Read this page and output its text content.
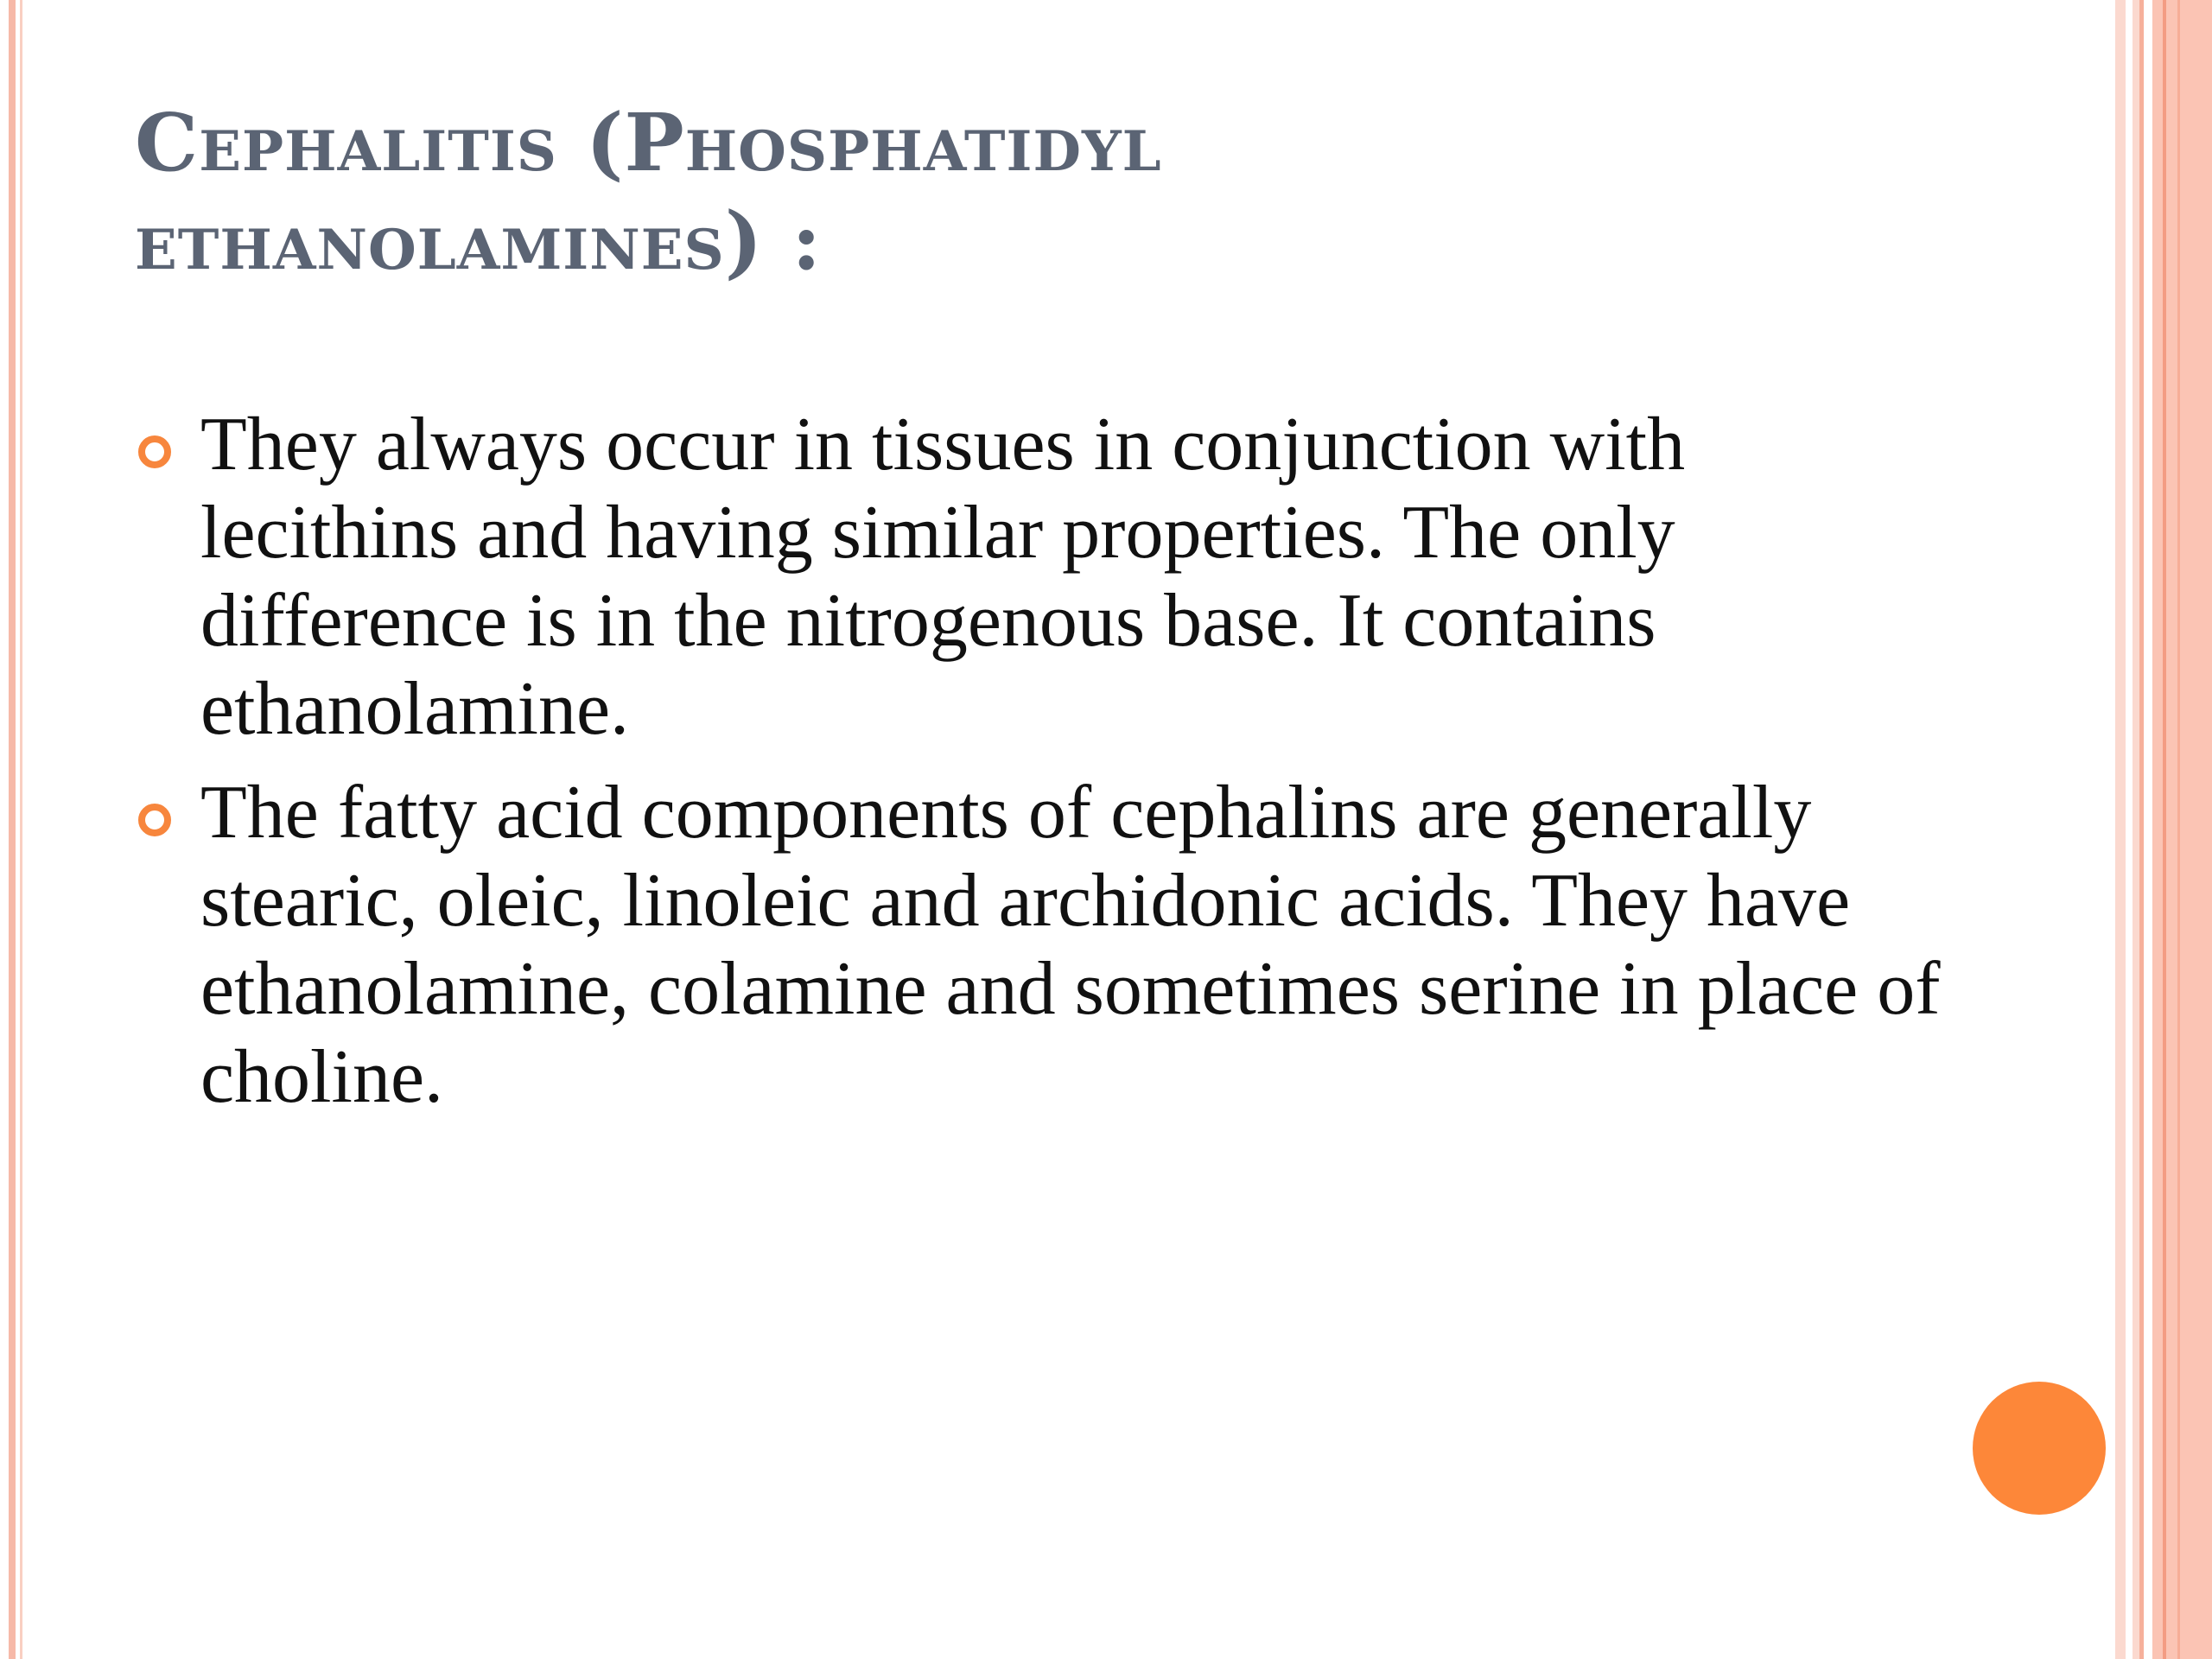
Cephalitis (Phosphatidyl
ethanolamines) :
They always occur in tissues in conjunction with lecithins and having similar properties. The only difference is in the nitrogenous base. It contains ethanolamine.
The fatty acid components of cephalins are generally stearic, oleic, linoleic and archidonic acids. They have ethanolamine, colamine and sometimes serine in place of choline.
